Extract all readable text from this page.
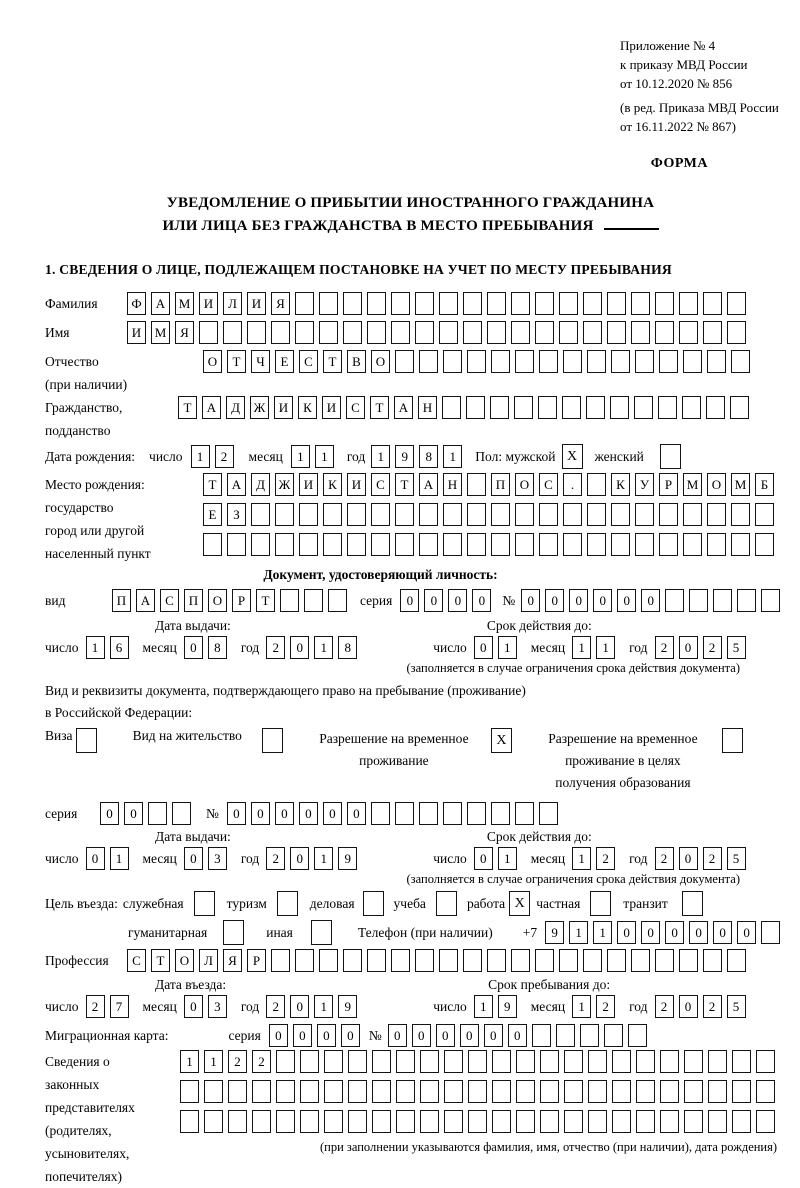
Приложение № 4
к приказу МВД России
от 10.12.2020 № 856
(в ред. Приказа МВД России
от 16.11.2022 № 867)
ФОРМА
УВЕДОМЛЕНИЕ О ПРИБЫТИИ ИНОСТРАННОГО ГРАЖДАНИНА
ИЛИ ЛИЦА БЕЗ ГРАЖДАНСТВА В МЕСТО ПРЕБЫВАНИЯ
1. СВЕДЕНИЯ О ЛИЦЕ, ПОДЛЕЖАЩЕМ ПОСТАНОВКЕ НА УЧЕТ ПО МЕСТУ ПРЕБЫВАНИЯ
Фамилия	Ф	А	М	И	Л	И	Я
Имя	И	М	Я
Отчество
(при наличии)
О	Т	Ч	Е	С	Т	В	О
Гражданство,
подданство
Т	А	Д	Ж	И	К	И	С	Т	А	Н
Дата рождения: число	1	2	месяц	1	1	год 1	9	8	1	Пол: мужской X	женский
Место рождения:
государство
город или другой
населенный пункт
Т	А	Д	Ж	И	К	И	С	Т	А	Н	П	О	С	.	К	У	Р	М	О	М	Б
Е	З
Документ, удостоверяющий личность:
вид	П	А	С	П	О	Р	Т	серия	0	0	0	0	№ 0	0	0	0	0	0
Дата выдачи:	Срок действия до:
число	1	6	месяц	0	8	год	2	0	1	8	число	0	1	месяц	1	1	год	2	0	2	5
(заполняется в случае ограничения срока действия документа)
Вид и реквизиты документа, подтверждающего право на пребывание (проживание)
в Российской Федерации:
Виза	Вид на жительство	Разрешение на временное
проживание
X	Разрешение на временное
проживание в целях
получения образования
серия	0	0	№	0	0	0	0	0	0
Дата выдачи:	Срок действия до:
число	0	1	месяц	0	3	год	2	0	1	9	число	0	1	месяц	1	2	год	2	0	2	5
(заполняется в случае ограничения срока действия документа)
Цель въезда: служебная	туризм	деловая	учеба	работа X частная	транзит
гуманитарная	иная	Телефон (при наличии) +7	9	1	1	0	0	0	0	0	0
Профессия	С	Т	О	Л	Я	Р
Дата въезда:	Срок пребывания до:
число	2	7	месяц	0	3	год	2	0	1	9	число	1	9	месяц	1	2	год	2	0	2	5
Миграционная карта:	серия	0	0	0	0	№ 0	0	0	0	0	0
Сведения о
законных
представителях
(родителях,
усыновителях,
попечителях)
1	1	2	2
(при заполнении указываются фамилия, имя, отчество (при наличии), дата рождения)
